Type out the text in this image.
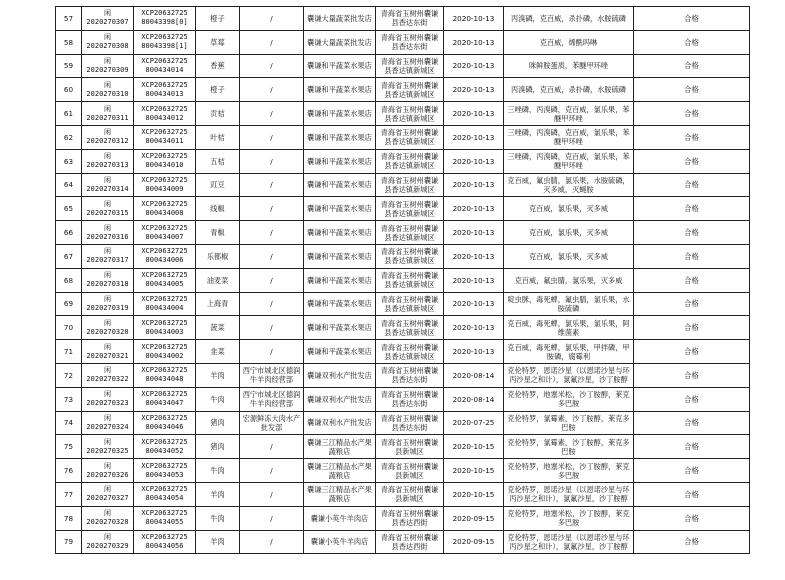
57	闲2020270307	XCP20632725 80043398[0]	橙子	/	囊谦大量蔬菜批发店	青海省玉树州囊谦县香达东街	2020-10-13	丙溴磷，克百威，杀扑磷，水胺硫磷	合格
58	闲2020270308	XCP20632725 80043398[1]	草莓	/	囊谦大量蔬菜批发店	青海省玉树州囊谦县香达东街	2020-10-13	克百威，烯酰吗啉	合格
59	闲2020270309	XCP20632725 800434014	香蕉	/	囊谦和平蔬菜水果店	青海省玉树州囊谦县香达镇新城区	2020-10-13	咪鲜胺蛋质，苯醚甲环唑	合格
60	闲2020270310	XCP20632725 800434013	橙子	/	囊谦和平蔬菜水果店	青海省玉树州囊谦县香达镇新城区	2020-10-13	丙溴磷，克百威，杀扑磷，水胺硫磷	合格
61	闲2020270311	XCP20632725 800434012	贡桔	/	囊谦和平蔬菜水果店	青海省玉树州囊谦县香达镇新城区	2020-10-13	三唑磷，丙溴磷，克百威，氯乐果，苯醚甲环唑	合格
62	闲2020270312	XCP20632725 800434011	叶桔	/	囊谦和平蔬菜水果店	青海省玉树州囊谦县香达镇新城区	2020-10-13	三唑磷，丙溴磷，克百威，氯乐果，苯醚甲环唑	合格
63	闲2020270313	XCP20632725 800434010	五桔	/	囊谦和平蔬菜水果店	青海省玉树州囊谦县香达镇新城区	2020-10-13	三唑磷，丙溴磷，克百威，氯乐果，苯醚甲环唑	合格
64	闲2020270314	XCP20632725 800434009	豇豆	/	囊谦和平蔬菜水果店	青海省玉树州囊谦县香达镇新城区	2020-10-13	克百威，氟虫腈，氯乐果，水胺硫磷，灭多威，灭蝇胺	合格
65	闲2020270315	XCP20632725 800434008	线椒	/	囊谦和平蔬菜水果店	青海省玉树州囊谦县香达镇新城区	2020-10-13	克百威，氯乐果，灭多威	合格
66	闲2020270316	XCP20632725 800434007	青椒	/	囊谦和平蔬菜水果店	青海省玉树州囊谦县香达镇新城区	2020-10-13	克百威，氯乐果，灭多威	合格
67	闲2020270317	XCP20632725 800434006	乐都椒	/	囊谦和平蔬菜水果店	青海省玉树州囊谦县香达镇新城区	2020-10-13	克百威，氯乐果，灭多威	合格
68	闲2020270318	XCP20632725 800434005	油麦菜	/	囊谦和平蔬菜水果店	青海省玉树州囊谦县香达镇新城区	2020-10-13	克百威，氟虫腈，氯乐果，灭多威	合格
69	闲2020270319	XCP20632725 800434004	上海青	/	囊谦和平蔬菜水果店	青海省玉树州囊谦县香达镇新城区	2020-10-13	啶虫脒，毒死蜱，氟虫腈，氯乐果，水胺硫磷	合格
70	闲2020270320	XCP20632725 800434003	菠菜	/	囊谦和平蔬菜水果店	青海省玉树州囊谦县香达镇新城区	2020-10-13	克百威，毒死蜱，氯乐果，氯乐果，阿维菌素	合格
71	闲2020270321	XCP20632725 800434002	韭菜	/	囊谦和平蔬菜水果店	青海省玉树州囊谦县香达镇新城区	2020-10-13	克百威，毒死蜱，氯乐果，甲拌磷，甲胺磷，腐霉利	合格
72	闲2020270322	XCP20632725 800434048	羊肉	西宁市城北区德润牛羊肉经营部	囊谦双利水产批发店	青海省玉树州囊谦县香达东街	2020-08-14	克伦特罗，恩诺沙星（以恩诺沙星与环丙沙星之和计），氯氟沙星，沙丁胺醇	合格
73	闲2020270323	XCP20632725 800434047	牛肉	西宁市城北区德润牛羊肉经营部	囊谦双利水产批发店	青海省玉树州囊谦县香达东街	2020-08-14	克伦特罗，地塞米松，沙丁胺醇，莱克多巴胺	合格
74	闲2020270324	XCP20632725 800434046	猪肉	宏源鲜冻大肉水产批发部	囊谦双利水产批发店	青海省玉树州囊谦县香达东街	2020-07-25	克伦特罗，氯霉素，沙丁胺醇，莱克多巴胺	合格
75	闲2020270325	XCP20632725 800434052	猪肉	/	囊谦三江精品水产果蔬粮店	青海省玉树州囊谦县新城区	2020-10-15	克伦特罗，氯霉素，沙丁胺醇，莱克多巴胺	合格
76	闲2020270326	XCP20632725 800434053	牛肉	/	囊谦三江精品水产果蔬粮店	青海省玉树州囊谦县新城区	2020-10-15	克伦特罗，地塞米松，沙丁胺醇，莱克多巴胺	合格
77	闲2020270327	XCP20632725 800434054	羊肉	/	囊谦三江精品水产果蔬粮店	青海省玉树州囊谦县新城区	2020-10-15	克伦特罗，恩诺沙星（以恩诺沙星与环丙沙星之和计），氯氟沙星，沙丁胺醇	合格
78	闲2020270328	XCP20632725 800434055	牛肉	/	囊谦小英牛羊肉店	青海省玉树州囊谦县香达西街	2020-09-15	克伦特罗，地塞米松，沙丁胺醇，莱克多巴胺	合格
79	闲2020270329	XCP20632725 800434056	羊肉	/	囊谦小英牛羊肉店	青海省玉树州囊谦县香达西街	2020-09-15	克伦特罗，恩诺沙星（以恩诺沙星与环丙沙星之和计），氯氟沙星，沙丁胺醇	合格
